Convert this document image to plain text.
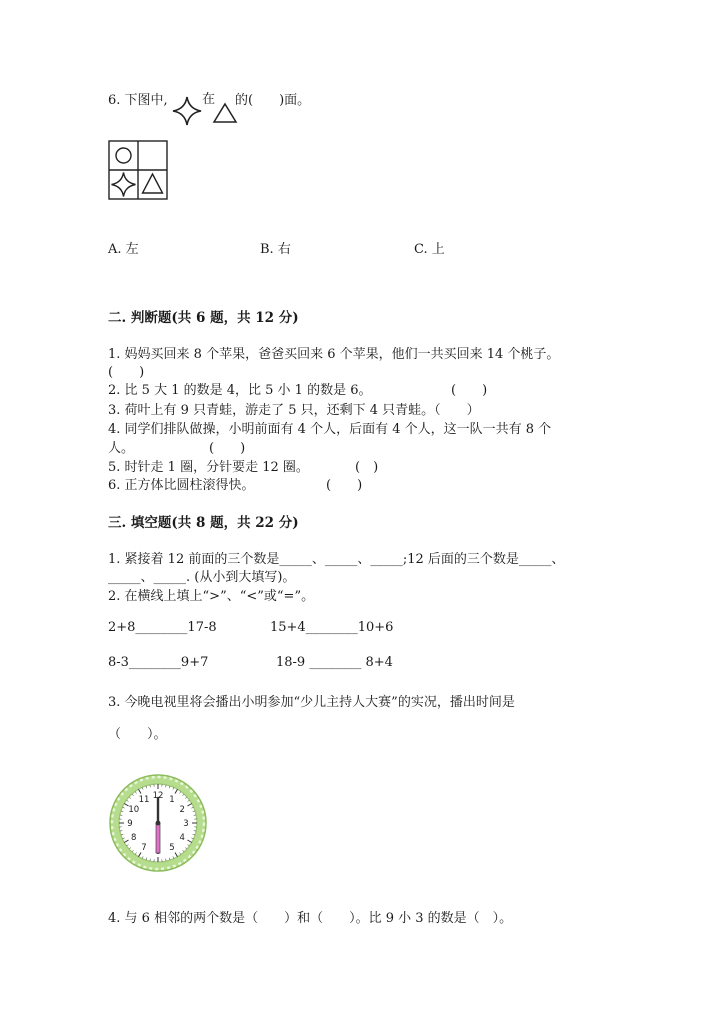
6. 下图中,	在 的(　　)面。
A. 左	B. 右	C. 上
二. 判断题(共 6 题，共 12 分)
1. 妈妈买回来 8 个苹果，爸爸买回来 6 个苹果，他们一共买回来 14 个桃子。
(　　)
2. 比 5 大 1 的数是 4，比 5 小 1 的数是 6。	(　　)
3. 荷叶上有 9 只青蛙，游走了 5 只，还剩下 4 只青蛙。（　　）
4. 同学们排队做操，小明前面有 4 个人，后面有 4 个人，这一队一共有 8 个
人。	(　　)
5. 时针走 1 圈，分针要走 12 圈。	(　)
6. 正方体比圆柱滚得快。	(　　)
三. 填空题(共 8 题，共 22 分)
1. 紧接着 12 前面的三个数是_____、_____、_____;12 后面的三个数是_____、
_____、_____. (从小到大填写)。
2. 在横线上填上“>”、“<”或“=”。
2+8________17-8	15+4________10+6
8-3________9+7	18-9 ________ 8+4
3. 今晚电视里将会播出小明参加“少儿主持人大赛”的实况，播出时间是
（　　）。
12 1
2
3
4
5
7
8
9
10
11
4. 与 6 相邻的两个数是（　　）和（　　）。比 9 小 3 的数是（　）。
